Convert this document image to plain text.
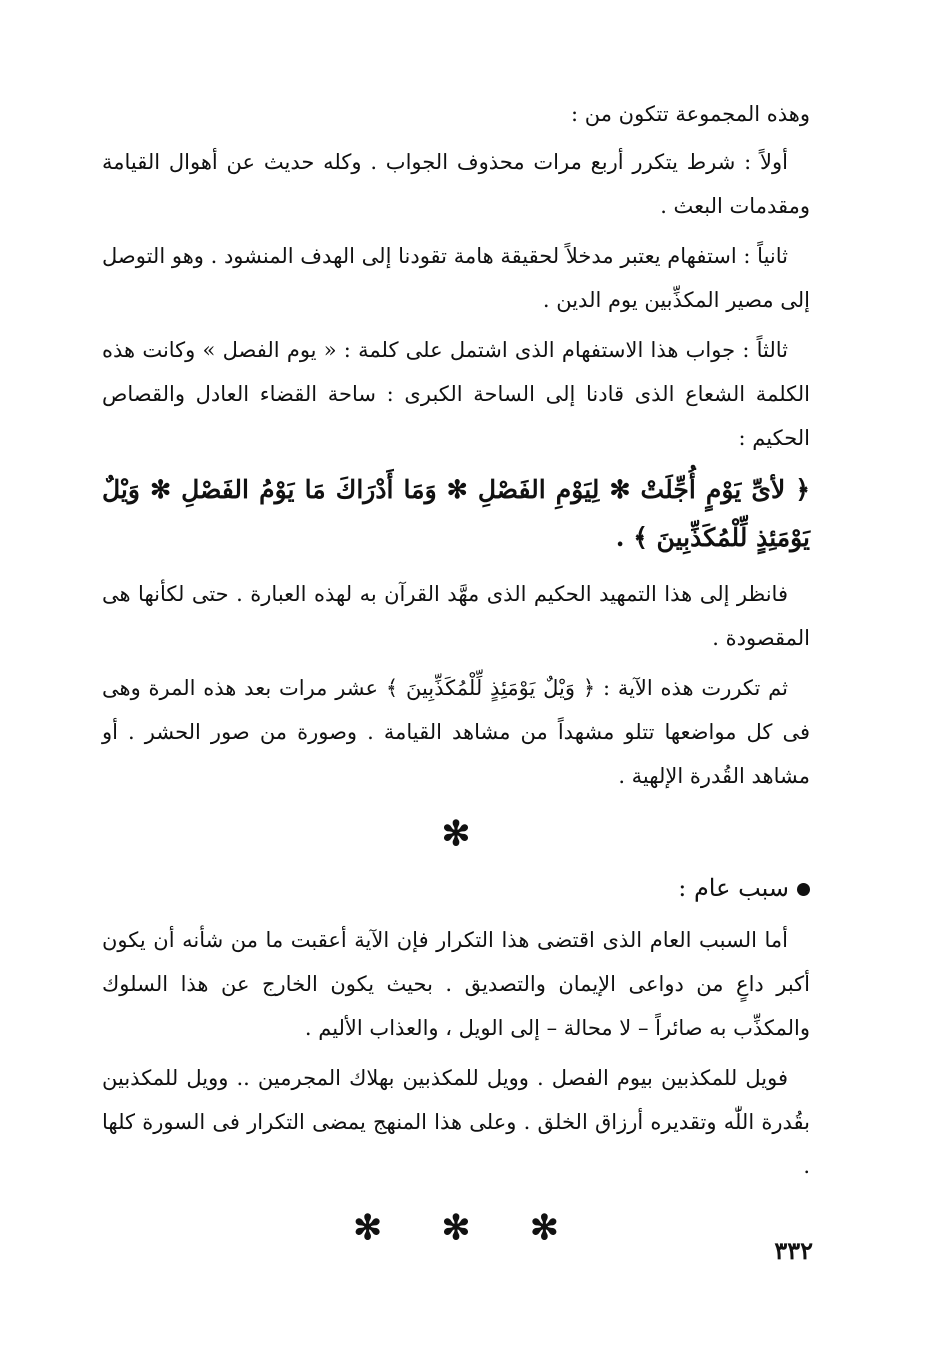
وهذه المجموعة تتكون من :

أولاً : شرط يتكرر أربع مرات محذوف الجواب . وكله حديث عن أهوال القيامة ومقدمات البعث .

ثانياً : استفهام يعتبر مدخلاً لحقيقة هامة تقودنا إلى الهدف المنشود . وهو التوصل إلى مصير المكذِّبين يوم الدين .

ثالثاً : جواب هذا الاستفهام الذى اشتمل على كلمة : « يوم الفصل » وكانت هذه الكلمة الشعاع الذى قادنا إلى الساحة الكبرى : ساحة القضاء العادل والقصاص الحكيم :

﴿ لأىِّ يَوْمٍ أُجِّلَتْ ✻ لِيَوْمِ الفَصْلِ ✻ وَمَا أَدْرَاكَ مَا يَوْمُ الفَصْلِ ✻ وَيْلٌ يَوْمَئِذٍ لِّلْمُكَذِّبِينَ ﴾ .

فانظر إلى هذا التمهيد الحكيم الذى مهَّد القرآن به لهذه العبارة . حتى لكأنها هى المقصودة .

ثم تكررت هذه الآية : ﴿ وَيْلٌ يَوْمَئِذٍ لِّلْمُكَذِّبِينَ ﴾ عشر مرات بعد هذه المرة وهى فى كل مواضعها تتلو مشهداً من مشاهد القيامة . وصورة من صور الحشر . أو مشاهد القُدرة الإلهية .

✻
سبب عام :

أما السبب العام الذى اقتضى هذا التكرار فإن الآية أعقبت ما من شأنه أن يكون أكبر داعٍ من دواعى الإيمان والتصديق . بحيث يكون الخارج عن هذا السلوك والمكذِّب به صائراً – لا محالة – إلى الويل ، والعذاب الأليم .

فويل للمكذبين بيوم الفصل . وويل للمكذبين بهلاك المجرمين .. وويل للمكذبين بقُدرة اللّٰه وتقديره أرزاق الخلق . وعلى هذا المنهج يمضى التكرار فى السورة كلها .

✻ ✻ ✻
٣٣٢
